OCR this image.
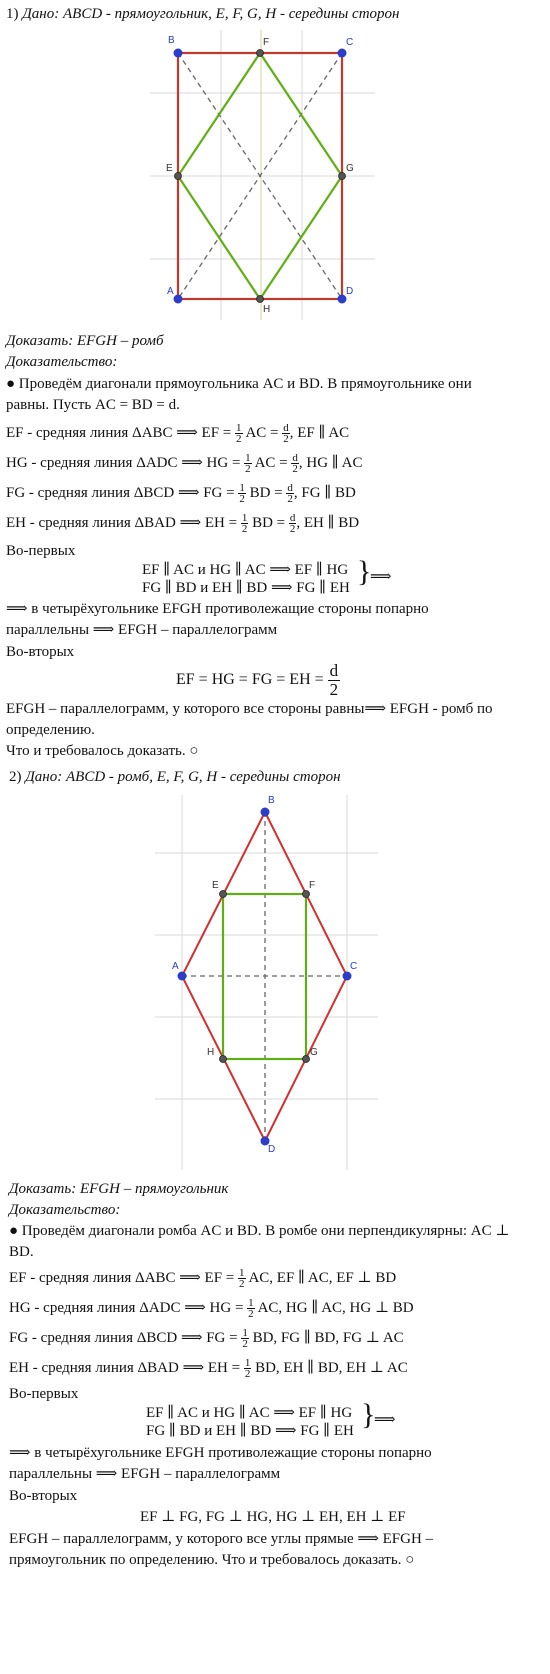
1) Дано: ABCD - прямоугольник, E, F, G, H - середины сторон
B	C
A	D
F
G
H
E
Доказать: EFGH – ромб
Доказательство:
● Проведём диагонали прямоугольника AC и BD. В прямоугольнике они
равны. Пусть AC = BD = d.
EF - средняя линия ΔABC ⟹ EF = $\frac{1}{2}$ AC = $\frac{d}{2}$ , EF ∥ AC
HG - средняя линия ΔADC ⟹ HG = $\frac{1}{2}$ AC = $\frac{d}{2}$ , HG ∥ AC
FG - средняя линия ΔBCD ⟹ FG = $\frac{1}{2}$ BD = $\frac{d}{2}$ , FG ∥ BD
EH - средняя линия ΔBAD ⟹ EH = $\frac{1}{2}$ BD = $\frac{d}{2}$ , EH ∥ BD
Во-первых
EF ∥ AC и HG ∥ AC ⟹ EF ∥ HG
FG ∥ BD и EH ∥ BD ⟹ FG ∥ EH }
⟹
⟹ в четырёхугольнике EFGH противолежащие стороны попарно
параллельны ⟹ EFGH – параллелограмм
Во-вторых
EF = HG = FG = EH = $\frac{d}{2}$
EFGH – параллелограмм, у которого все стороны равны⟹ EFGH - ромб по
определению.
Что и требовалось доказать. ○
2) Дано: ABCD - ромб, E, F, G, H - середины сторон
B
C
A
D
E	F
G
H
Доказать: EFGH – прямоугольник
Доказательство:
● Проведём диагонали ромба AC и BD. В ромбе они перпендикулярны: AC ⊥
BD.
EF - средняя линия ΔABC ⟹ EF = $\frac{1}{2}$ AC, EF ∥ AC, EF ⊥ BD
HG - средняя линия ΔADC ⟹ HG = $\frac{1}{2}$ AC, HG ∥ AC, HG ⊥ BD
FG - средняя линия ΔBCD ⟹ FG = $\frac{1}{2}$ BD, FG ∥ BD, FG ⊥ AC
EH - средняя линия ΔBAD ⟹ EH = $\frac{1}{2}$ BD, EH ∥ BD, EH ⊥ AC
Во-первых
EF ∥ AC и HG ∥ AC ⟹ EF ∥ HG
FG ∥ BD и EH ∥ BD ⟹ FG ∥ EH }
⟹
⟹ в четырёхугольнике EFGH противолежащие стороны попарно
параллельны ⟹ EFGH – параллелограмм
Во-вторых
EF ⊥ FG, FG ⊥ HG, HG ⊥ EH, EH ⊥ EF
EFGH – параллелограмм, у которого все углы прямые ⟹ EFGH –
прямоугольник по определению. Что и требовалось доказать. ○
